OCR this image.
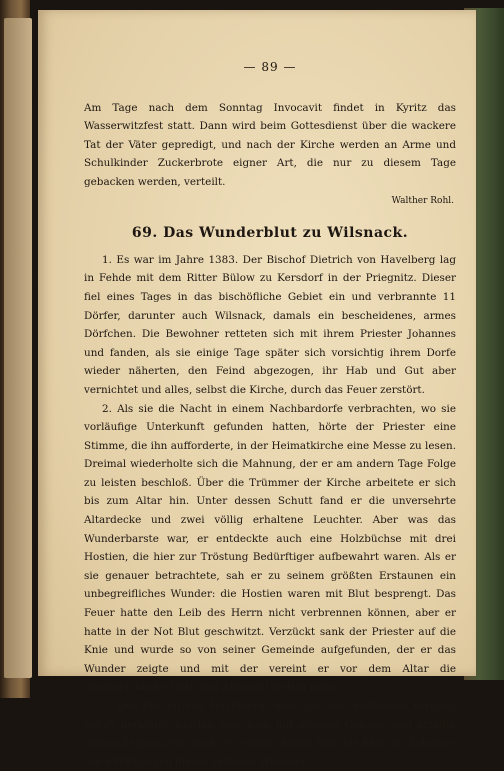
— 89 —

Am Tage nach dem Sonntag Invocavit findet in Kyritz das Wasserwitzfest statt. Dann wird beim Gottesdienst über die wackere Tat der Väter gepredigt, und nach der Kirche werden an Arme und Schulkinder Zuckerbrote eigner Art, die nur zu diesem Tage gebacken werden, verteilt.

Walther Rohl.
69. Das Wunderblut zu Wilsnack.

1. Es war im Jahre 1383. Der Bischof Dietrich von Havelberg lag in Fehde mit dem Ritter Bülow zu Kersdorf in der Priegnitz. Dieser fiel eines Tages in das bischöfliche Gebiet ein und verbrannte 11 Dörfer, darunter auch Wilsnack, damals ein bescheidenes, armes Dörfchen. Die Bewohner retteten sich mit ihrem Priester Johannes und fanden, als sie einige Tage später sich vorsichtig ihrem Dorfe wieder näherten, den Feind abgezogen, ihr Hab und Gut aber vernichtet und alles, selbst die Kirche, durch das Feuer zerstört.

2. Als sie die Nacht in einem Nachbardorfe verbrachten, wo sie vorläufige Unterkunft gefunden hatten, hörte der Priester eine Stimme, die ihn aufforderte, in der Heimatkirche eine Messe zu lesen. Dreimal wiederholte sich die Mahnung, der er am andern Tage Folge zu leisten beschloß. Über die Trümmer der Kirche arbeitete er sich bis zum Altar hin. Unter dessen Schutt fand er die unversehrte Altardecke und zwei völlig erhaltene Leuchter. Aber was das Wunderbarste war, er entdeckte auch eine Holzbüchse mit drei Hostien, die hier zur Tröstung Bedürftiger aufbewahrt waren. Als er sie genauer betrachtete, sah er zu seinem größten Erstaunen ein unbegreifliches Wunder: die Hostien waren mit Blut besprengt. Das Feuer hatte den Leib des Herrn nicht verbrennen können, aber er hatte in der Not Blut geschwitzt. Verzückt sank der Priester auf die Knie und wurde so von seiner Gemeinde aufgefunden, der er das Wunder zeigte und mit der vereint er vor dem Altar die unerforschliche Güte und Allmacht Gottes pries.

3. Der Bischof von Havelberg, dem von dem seltsamen Vorgang sofort berichtet worden war, kam mit großem Gefolge und erteilte seinen Segen; denn auch vor seinen Augen floß das Blut des Erlösers. Auch Wirkungen dieses seltenen Wunders
